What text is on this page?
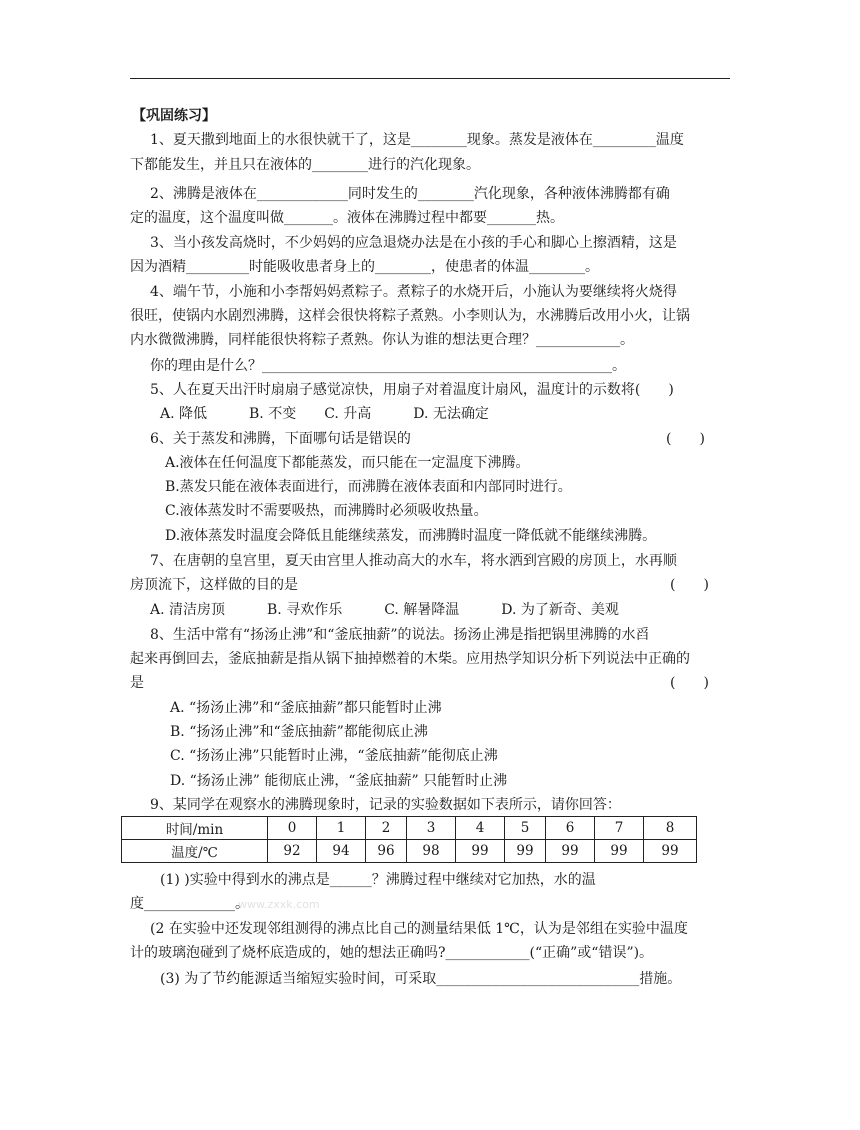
【巩固练习】
1、夏天撒到地面上的水很快就干了，这是________现象。蒸发是液体在_________温度
下都能发生，并且只在液体的________进行的汽化现象。
2、沸腾是液体在_____________同时发生的________汽化现象，各种液体沸腾都有确
定的温度，这个温度叫做_______。液体在沸腾过程中都要_______热。
3、当小孩发高烧时，不少妈妈的应急退烧办法是在小孩的手心和脚心上擦酒精，这是
因为酒精_________时能吸收患者身上的________，使患者的体温________。
4、端午节，小施和小李帮妈妈煮粽子。煮粽子的水烧开后，小施认为要继续将火烧得
很旺，使锅内水剧烈沸腾，这样会很快将粽子煮熟。小李则认为，水沸腾后改用小火，让锅
内水微微沸腾，同样能很快将粽子煮熟。你认为谁的想法更合理？____________。
你的理由是什么？__________________________________________________。
5、人在夏天出汗时扇扇子感觉凉快，用扇子对着温度计扇风，温度计的示数将(　　)
A. 降低　　　B. 不变　　C. 升高　　　D. 无法确定
6、关于蒸发和沸腾，下面哪句话是错误的	(　　)
A.液体在任何温度下都能蒸发，而只能在一定温度下沸腾。
B.蒸发只能在液体表面进行，而沸腾在液体表面和内部同时进行。
C.液体蒸发时不需要吸热，而沸腾时必须吸收热量。
D.液体蒸发时温度会降低且能继续蒸发，而沸腾时温度一降低就不能继续沸腾。
7、在唐朝的皇宫里，夏天由宫里人推动高大的水车，将水洒到宫殿的房顶上，水再顺
房顶流下，这样做的目的是	(　　)
A. 清洁房顶　　　B. 寻欢作乐　　　C. 解暑降温　　　D. 为了新奇、美观
8、生活中常有“扬汤止沸”和“釜底抽薪”的说法。扬汤止沸是指把锅里沸腾的水舀
起来再倒回去，釜底抽薪是指从锅下抽掉燃着的木柴。应用热学知识分析下列说法中正确的
是	(　　)
A. “扬汤止沸”和“釜底抽薪”都只能暂时止沸
B. “扬汤止沸”和“釜底抽薪”都能彻底止沸
C. “扬汤止沸”只能暂时止沸，“釜底抽薪”能彻底止沸
D. “扬汤止沸” 能彻底止沸，“釜底抽薪” 只能暂时止沸
9、某同学在观察水的沸腾现象时，记录的实验数据如下表所示，请你回答：
时间/min	0	1	2	3	4	5	6	7	8
温度/℃	92	94	96	98	99	99	99	99	99
(1) )实验中得到水的沸点是______？沸腾过程中继续对它加热，水的温
度_____________。
www.zxxk.com
(2 在实验中还发现邻组测得的沸点比自己的测量结果低 1℃，认为是邻组在实验中温度
计的玻璃泡碰到了烧杯底造成的，她的想法正确吗?____________(“正确”或“错误”)。
(3) 为了节约能源适当缩短实验时间，可采取_____________________________措施。
